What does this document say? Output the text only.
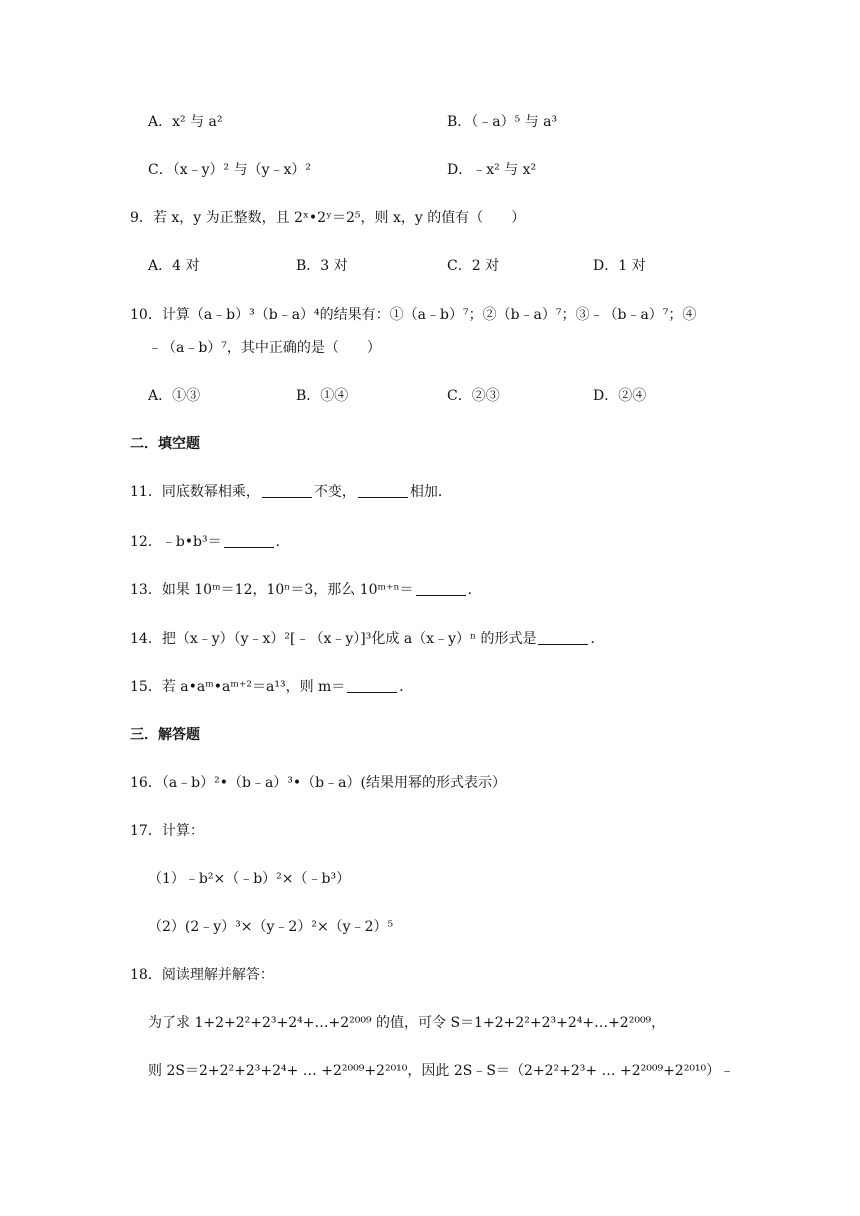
A．x² 与 a²	B．（﹣a）⁵ 与 a³
C．（x﹣y）² 与（y﹣x）²	D．﹣x² 与 x²
9．若 x，y 为正整数，且 2ˣ•2ʸ＝2⁵，则 x，y 的值有（　　）
A．4 对	B．3 对	C．2 对	D．1 对
10．计算（a﹣b）³（b﹣a）⁴的结果有：①（a﹣b）⁷；②（b﹣a）⁷；③﹣（b﹣a）⁷；④
﹣（a﹣b）⁷，其中正确的是（　　）
A．①③	B．①④	C．②③	D．②④
二．填空题
11．同底数幂相乘，	不变，	相加．
12．﹣b•b³＝	．
13．如果 10ᵐ＝12，10ⁿ＝3，那么 10ᵐ⁺ⁿ＝	．
14．把（x﹣y）（y﹣x）²[﹣（x﹣y）]³化成 a（x﹣y）ⁿ 的形式是	．
15．若 a•aᵐ•aᵐ⁺²＝a¹³，则 m＝	．
三．解答题
16．（a﹣b）²•（b﹣a）³•（b﹣a）(结果用幂的形式表示）
17．计算：
（1）﹣b²×（﹣b）²×（﹣b³）
（2）(2﹣y）³×（y﹣2）²×（y﹣2）⁵
18．阅读理解并解答：
为了求 1+2+2²+2³+2⁴+…+2²⁰⁰⁹ 的值，可令 S＝1+2+2²+2³+2⁴+…+2²⁰⁰⁹，
则 2S＝2+2²+2³+2⁴+ … +2²⁰⁰⁹+2²⁰¹⁰，因此 2S﹣S＝（2+2²+2³+ … +2²⁰⁰⁹+2²⁰¹⁰）﹣
